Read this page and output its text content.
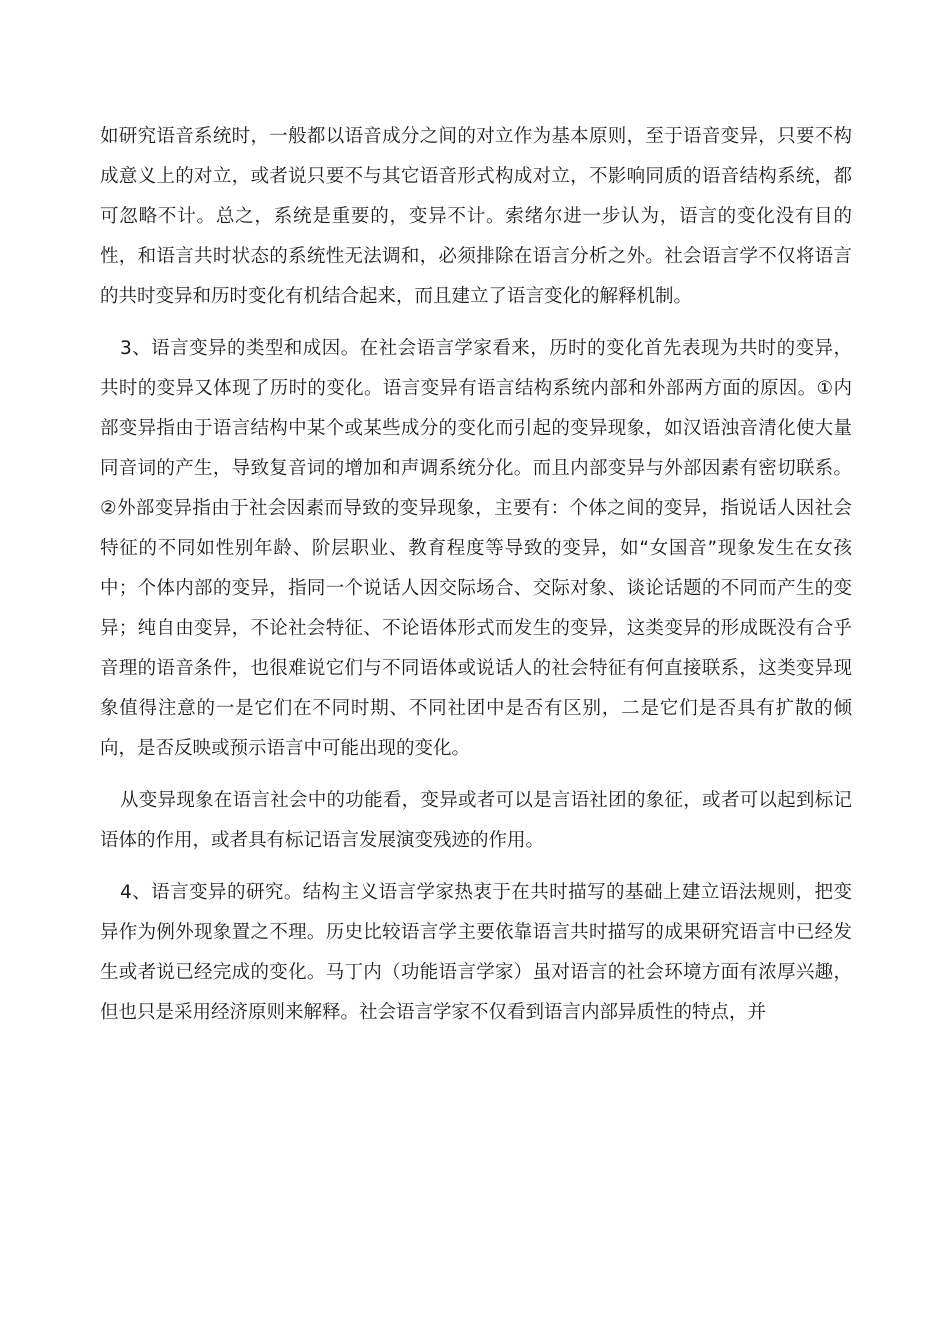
如研究语音系统时，一般都以语音成分之间的对立作为基本原则，至于语音变异，只要不构成意义上的对立，或者说只要不与其它语音形式构成对立，不影响同质的语音结构系统，都可忽略不计。总之，系统是重要的，变异不计。索绪尔进一步认为，语言的变化没有目的性，和语言共时状态的系统性无法调和，必须排除在语言分析之外。社会语言学不仅将语言的共时变异和历时变化有机结合起来，而且建立了语言变化的解释机制。

3、语言变异的类型和成因。在社会语言学家看来，历时的变化首先表现为共时的变异，共时的变异又体现了历时的变化。语言变异有语言结构系统内部和外部两方面的原因。①内部变异指由于语言结构中某个或某些成分的变化而引起的变异现象，如汉语浊音清化使大量同音词的产生，导致复音词的增加和声调系统分化。而且内部变异与外部因素有密切联系。②外部变异指由于社会因素而导致的变异现象，主要有：个体之间的变异，指说话人因社会特征的不同如性别年龄、阶层职业、教育程度等导致的变异，如“女国音”现象发生在女孩中；个体内部的变异，指同一个说话人因交际场合、交际对象、谈论话题的不同而产生的变异；纯自由变异，不论社会特征、不论语体形式而发生的变异，这类变异的形成既没有合乎音理的语音条件，也很难说它们与不同语体或说话人的社会特征有何直接联系，这类变异现象值得注意的一是它们在不同时期、不同社团中是否有区别，二是它们是否具有扩散的倾向，是否反映或预示语言中可能出现的变化。

从变异现象在语言社会中的功能看，变异或者可以是言语社团的象征，或者可以起到标记语体的作用，或者具有标记语言发展演变残迹的作用。

4、语言变异的研究。结构主义语言学家热衷于在共时描写的基础上建立语法规则，把变异作为例外现象置之不理。历史比较语言学主要依靠语言共时描写的成果研究语言中已经发生或者说已经完成的变化。马丁内（功能语言学家）虽对语言的社会环境方面有浓厚兴趣，但也只是采用经济原则来解释。社会语言学家不仅看到语言内部异质性的特点，并
